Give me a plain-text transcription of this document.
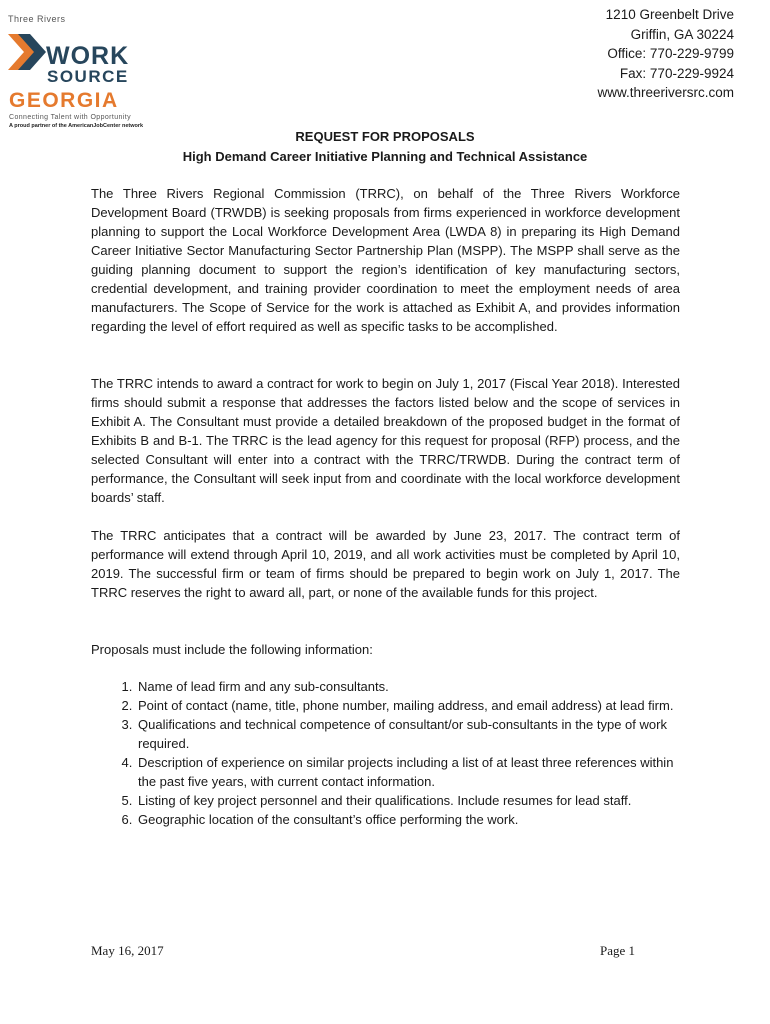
Three Rivers
WORK
SOURCE
GEORGIA
Connecting Talent with Opportunity
A proud partner of the AmericanJobCenter network
1210 Greenbelt Drive
Griffin, GA 30224
Office: 770-229-9799
Fax: 770-229-9924
www.threeriversrc.com
REQUEST FOR PROPOSALS
High Demand Career Initiative Planning and Technical Assistance

The Three Rivers Regional Commission (TRRC), on behalf of the Three Rivers Workforce Development Board (TRWDB) is seeking proposals from firms experienced in workforce development planning to support the Local Workforce Development Area (LWDA 8) in preparing its High Demand Career Initiative Sector Manufacturing Sector Partnership Plan (MSPP). The MSPP shall serve as the guiding planning document to support the region’s identification of key manufacturing sectors, credential development, and training provider coordination to meet the employment needs of area manufacturers. The Scope of Service for the work is attached as Exhibit A, and provides information regarding the level of effort required as well as specific tasks to be accomplished.

The TRRC intends to award a contract for work to begin on July 1, 2017 (Fiscal Year 2018). Interested firms should submit a response that addresses the factors listed below and the scope of services in Exhibit A. The Consultant must provide a detailed breakdown of the proposed budget in the format of Exhibits B and B-1. The TRRC is the lead agency for this request for proposal (RFP) process, and the selected Consultant will enter into a contract with the TRRC/TRWDB. During the contract term of performance, the Consultant will seek input from and coordinate with the local workforce development boards’ staff.

The TRRC anticipates that a contract will be awarded by June 23, 2017. The contract term of performance will extend through April 10, 2019, and all work activities must be completed by April 10, 2019. The successful firm or team of firms should be prepared to begin work on July 1, 2017. The TRRC reserves the right to award all, part, or none of the available funds for this project.

Proposals must include the following information:

1. Name of lead firm and any sub-consultants.
2. Point of contact (name, title, phone number, mailing address, and email address) at lead firm.
3. Qualifications and technical competence of consultant/or sub-consultants in the type of work required.
4. Description of experience on similar projects including a list of at least three references within the past five years, with current contact information.
5. Listing of key project personnel and their qualifications. Include resumes for lead staff.
6. Geographic location of the consultant’s office performing the work.
May 16, 2017	Page 1
